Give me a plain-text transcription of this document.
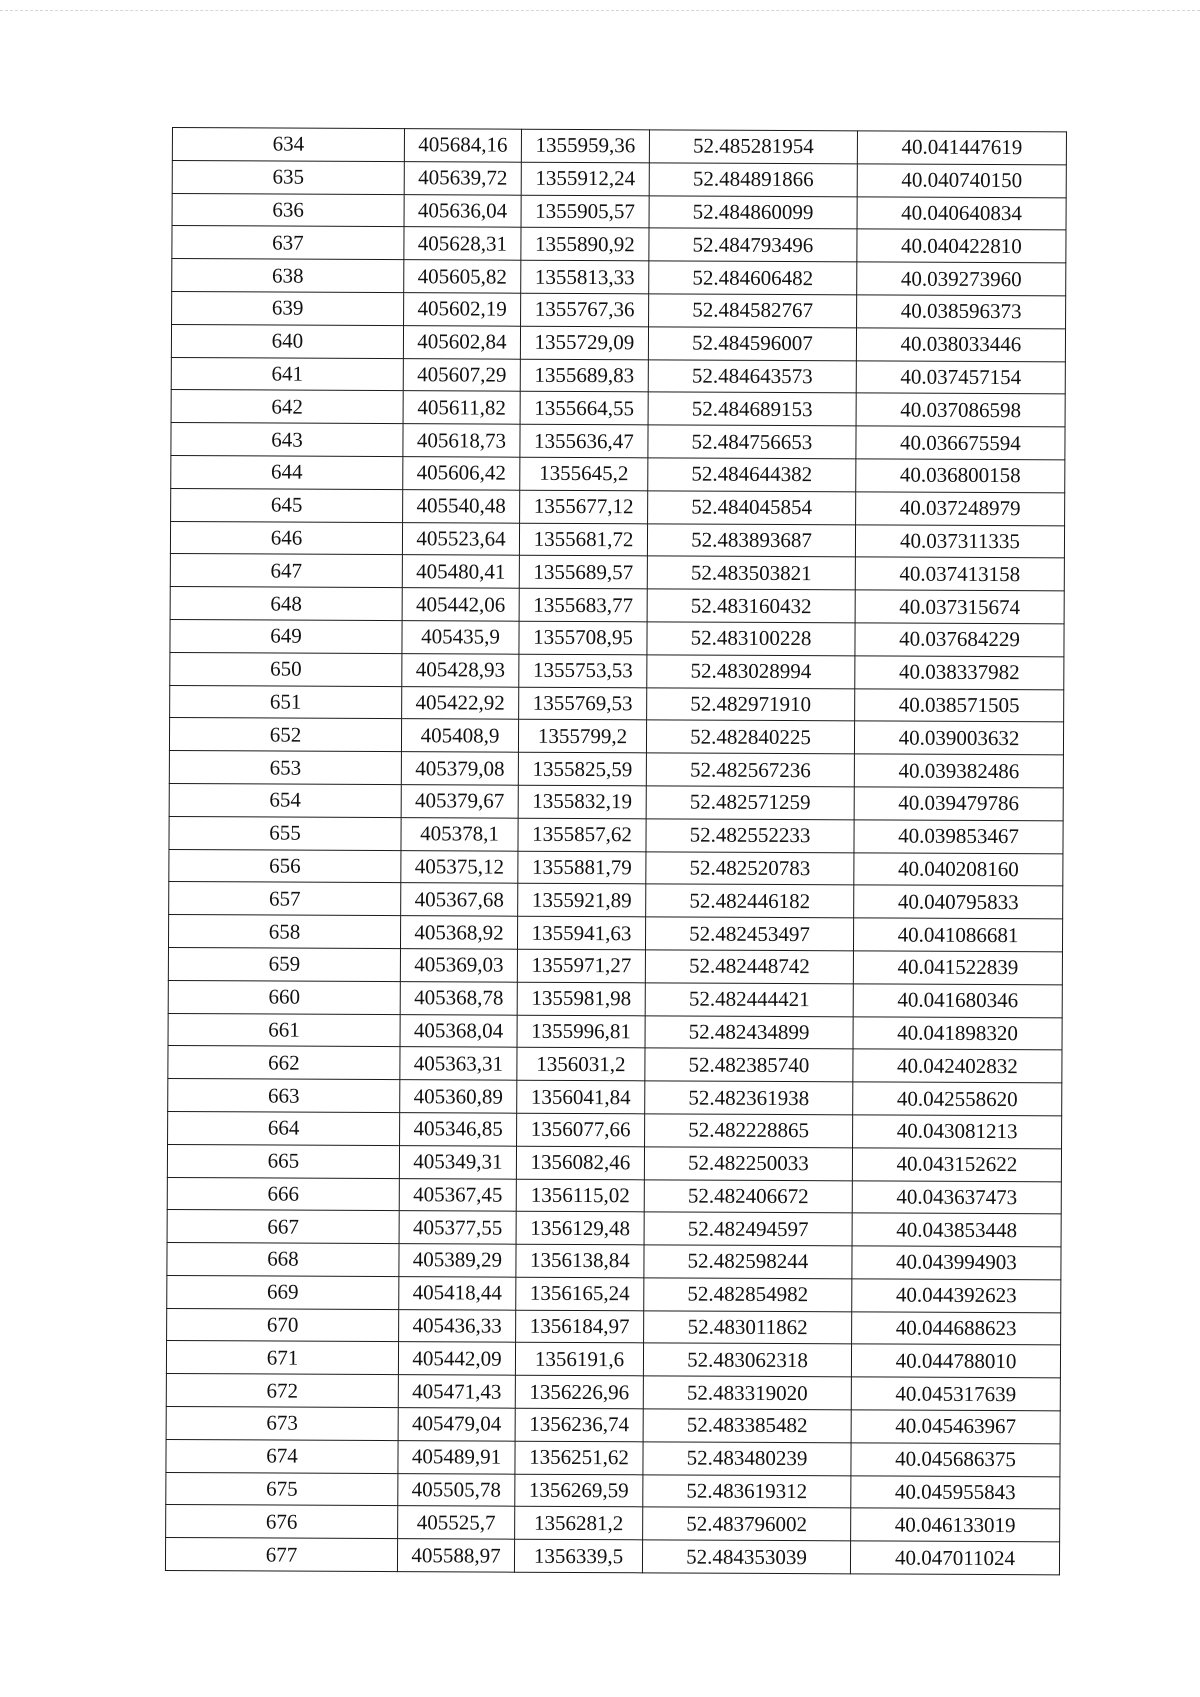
634	405684,16	1355959,36	52.485281954	40.041447619
635	405639,72	1355912,24	52.484891866	40.040740150
636	405636,04	1355905,57	52.484860099	40.040640834
637	405628,31	1355890,92	52.484793496	40.040422810
638	405605,82	1355813,33	52.484606482	40.039273960
639	405602,19	1355767,36	52.484582767	40.038596373
640	405602,84	1355729,09	52.484596007	40.038033446
641	405607,29	1355689,83	52.484643573	40.037457154
642	405611,82	1355664,55	52.484689153	40.037086598
643	405618,73	1355636,47	52.484756653	40.036675594
644	405606,42	1355645,2	52.484644382	40.036800158
645	405540,48	1355677,12	52.484045854	40.037248979
646	405523,64	1355681,72	52.483893687	40.037311335
647	405480,41	1355689,57	52.483503821	40.037413158
648	405442,06	1355683,77	52.483160432	40.037315674
649	405435,9	1355708,95	52.483100228	40.037684229
650	405428,93	1355753,53	52.483028994	40.038337982
651	405422,92	1355769,53	52.482971910	40.038571505
652	405408,9	1355799,2	52.482840225	40.039003632
653	405379,08	1355825,59	52.482567236	40.039382486
654	405379,67	1355832,19	52.482571259	40.039479786
655	405378,1	1355857,62	52.482552233	40.039853467
656	405375,12	1355881,79	52.482520783	40.040208160
657	405367,68	1355921,89	52.482446182	40.040795833
658	405368,92	1355941,63	52.482453497	40.041086681
659	405369,03	1355971,27	52.482448742	40.041522839
660	405368,78	1355981,98	52.482444421	40.041680346
661	405368,04	1355996,81	52.482434899	40.041898320
662	405363,31	1356031,2	52.482385740	40.042402832
663	405360,89	1356041,84	52.482361938	40.042558620
664	405346,85	1356077,66	52.482228865	40.043081213
665	405349,31	1356082,46	52.482250033	40.043152622
666	405367,45	1356115,02	52.482406672	40.043637473
667	405377,55	1356129,48	52.482494597	40.043853448
668	405389,29	1356138,84	52.482598244	40.043994903
669	405418,44	1356165,24	52.482854982	40.044392623
670	405436,33	1356184,97	52.483011862	40.044688623
671	405442,09	1356191,6	52.483062318	40.044788010
672	405471,43	1356226,96	52.483319020	40.045317639
673	405479,04	1356236,74	52.483385482	40.045463967
674	405489,91	1356251,62	52.483480239	40.045686375
675	405505,78	1356269,59	52.483619312	40.045955843
676	405525,7	1356281,2	52.483796002	40.046133019
677	405588,97	1356339,5	52.484353039	40.047011024
